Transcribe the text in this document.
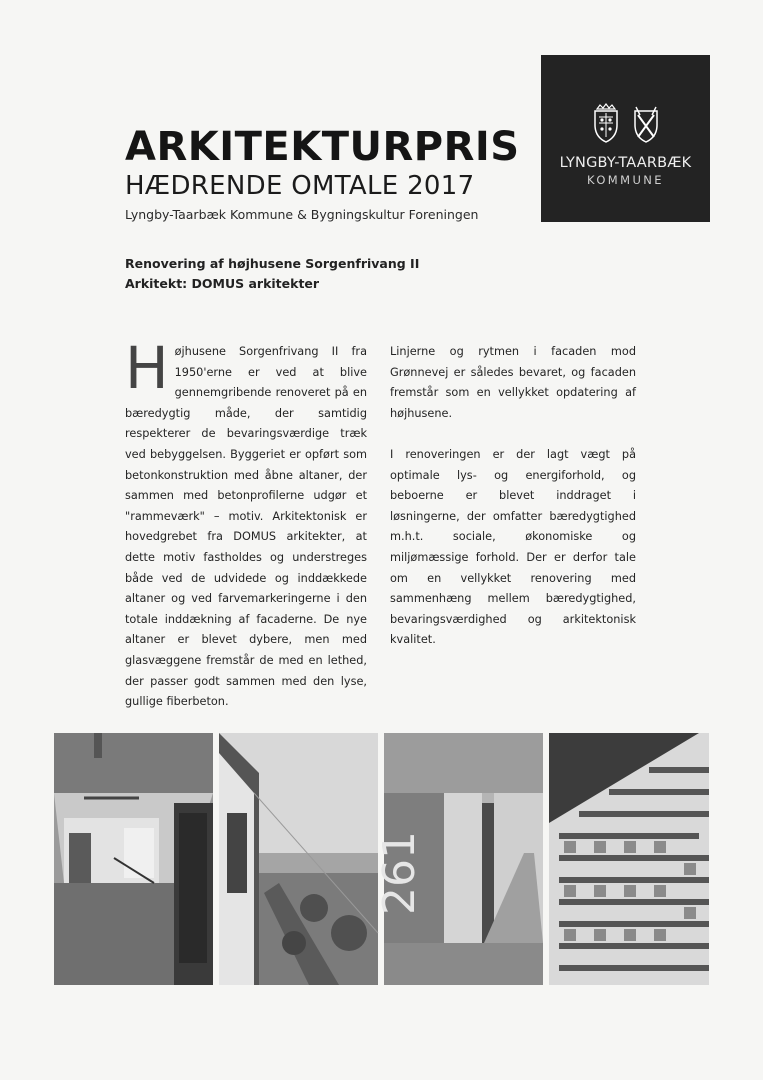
LYNGBY-TAARBÆK
KOMMUNE
ARKITEKTURPRIS
HÆDRENDE OMTALE 2017
Lyngby-Taarbæk Kommune & Bygningskultur Foreningen
Renovering af højhusene Sorgenfrivang II
Arkitekt: DOMUS arkitekter
H øjhusene Sorgenfrivang II fra 1950'erne er ved at blive gennemgribende renoveret på en bæredygtig måde, der samtidig respekterer de bevaringsværdige træk ved bebyggelsen. Byggeriet er opført som betonkonstruktion med åbne altaner, der sammen med betonprofilerne udgør et "rammeværk" – motiv. Arkitektonisk er hovedgrebet fra DOMUS arkitekter, at dette motiv fastholdes og understreges både ved de udvidede og inddækkede altaner og ved farvemarkeringerne i den totale inddækning af facaderne. De nye altaner er blevet dybere, men med glasvæggene fremstår de med en lethed, der passer godt sammen med den lyse, gullige fiberbeton.

Linjerne og rytmen i facaden mod Grønnevej er således bevaret, og facaden fremstår som en vellykket opdatering af højhusene.

I renoveringen er der lagt vægt på optimale lys- og energiforhold, og beboerne er blevet inddraget i løsningerne, der omfatter bæredygtighed m.h.t. sociale, økonomiske og miljømæssige forhold. Der er derfor tale om en vellykket renovering med sammenhæng mellem bæredygtighed, bevaringsværdighed og arkitektonisk kvalitet.

261
